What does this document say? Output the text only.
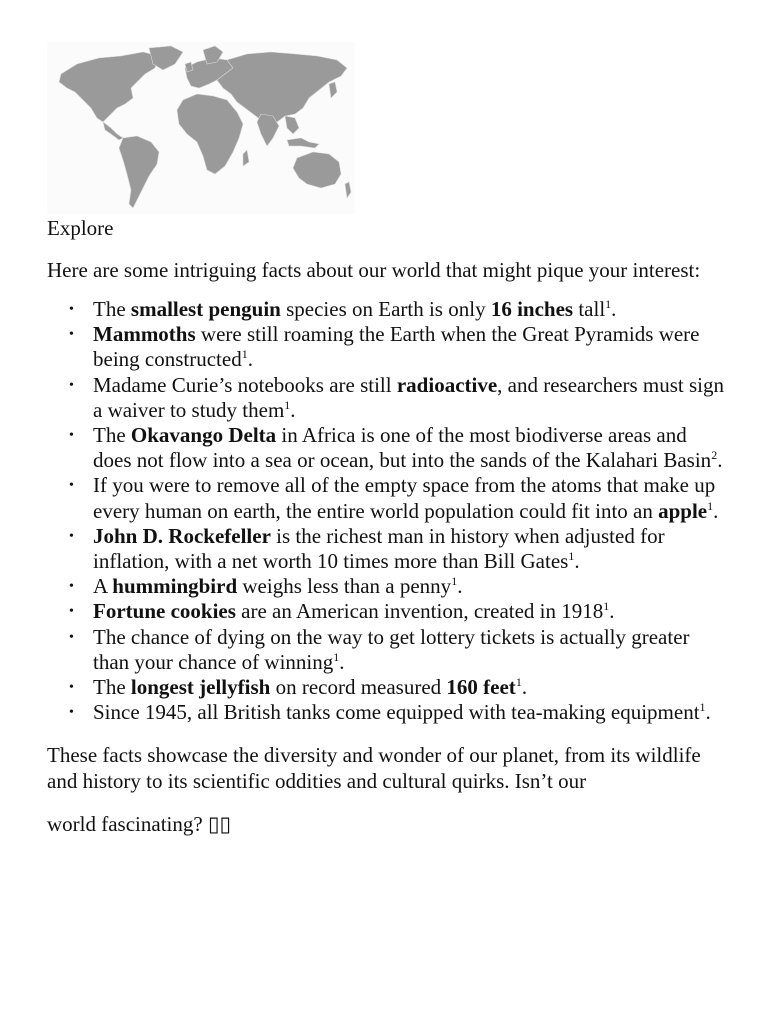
Explore
Here are some intriguing facts about our world that might pique your interest:
• The smallest penguin species on Earth is only 16 inches tall$^1$.
• Mammoths were still roaming the Earth when the Great Pyramids were being constructed$^1$.
• Madame Curie’s notebooks are still radioactive, and researchers must sign a waiver to study them$^1$.
• The Okavango Delta in Africa is one of the most biodiverse areas and does not flow into a sea or ocean, but into the sands of the Kalahari Basin$^2$.
• If you were to remove all of the empty space from the atoms that make up every human on earth, the entire world population could fit into an apple$^1$.
• John D. Rockefeller is the richest man in history when adjusted for inflation, with a net worth 10 times more than Bill Gates$^1$.
• A hummingbird weighs less than a penny$^1$.
• Fortune cookies are an American invention, created in 1918$^1$.
• The chance of dying on the way to get lottery tickets is actually greater than your chance of winning$^1$.
• The longest jellyfish on record measured 160 feet$^1$.
• Since 1945, all British tanks come equipped with tea-making equipment$^1$.
These facts showcase the diversity and wonder of our planet, from its wildlife and history to its scientific oddities and cultural quirks. Isn’t our
world fascinating? ▯▯
